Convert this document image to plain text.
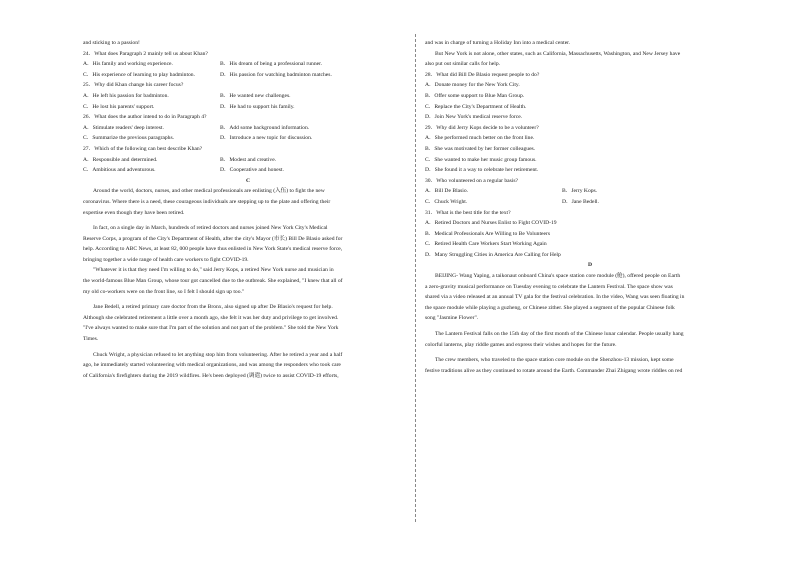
and sticking to a passion!
24．What does Paragraph 2 mainly tell us about Khan?
A．His family and working experience.	B．His dream of being a professional runner.
C．His experience of learning to play badminton.	D．His passion for watching badminton matches.
25．Why did Khan change his career focus?
A．He left his passion for badminton.	B．He wanted new challenges.
C．He lost his parents' support.	D．He had to support his family.
26．What does the author intend to do in Paragraph 4?
A．Stimulate readers' deep interest.	B．Add some background information.
C．Summarize the previous paragraphs.	D．Introduce a new topic for discussion.
27．Which of the following can best describe Khan?
A．Responsible and determined.	B．Modest and creative.
C．Ambitious and adventurous.	D．Cooperative and honest.
C
Around the world, doctors, nurses, and other medical professionals are enlisting (入伍) to fight the new
coronavirus. Where there is a need, these courageous individuals are stepping up to the plate and offering their
expertise even though they have been retired.
In fact, on a single day in March, hundreds of retired doctors and nurses joined New York City's Medical
Reserve Corps, a program of the City's Department of Health, after the city's Mayor (市长) Bill De Blasio asked for
help. According to ABC News, at least 82, 000 people have thus enlisted in New York State's medical reserve force,
bringing together a wide range of health care workers to fight COVID-19.
"Whatever it is that they need I'm willing to do," said Jerry Kops, a retired New York nurse and musician in
the world-famous Blue Man Group, whose tour got cancelled due to the outbreak. She explained, "I knew that all of
my old co-workers were on the front line, so I felt I should sign up too."
Jane Bedell, a retired primary care doctor from the Bronx, also signed up after De Blasio's request for help.
Although she celebrated retirement a little over a month ago, she felt it was her duty and privilege to get involved.
"I've always wanted to make sure that I'm part of the solution and not part of the problem." She told the New York
Times.
Chuck Wright, a physician refused to let anything stop him from volunteering. After he retired a year and a half
ago, he immediately started volunteering with medical organizations, and was among the responders who took care
of California's firefighters during the 2019 wildfires. He's been deployed (调遣) twice to assist COVID-19 efforts,
and was in charge of turning a Holiday Inn into a medical center.
But New York is not alone, other states, such as California, Massachusetts, Washington, and New Jersey have
also put out similar calls for help.
28．What did Bill De Blasio request people to do?
A．Donate money for the New York City.
B．Offer some support to Blue Man Group.
C．Replace the City's Department of Health.
D．Join New York's medical reserve force.
29．Why did Jerry Kops decide to be a volunteer?
A．She performed much better on the front line.
B．She was motivated by her former colleagues.
C．She wanted to make her music group famous.
D．She found it a way to celebrate her retirement.
30．Who volunteered on a regular basis?
A．Bill De Blasio.	B．Jerry Kops.
C．Chuck Wright.	D．Jane Bedell.
31．What is the best title for the text?
A．Retired Doctors and Nurses Enlist to Fight COVID-19
B．Medical Professionals Are Willing to Be Volunteers
C．Retired Health Care Workers Start Working Again
D．Many Struggling Cities in America Are Calling for Help
D
BEIJING- Wang Yaping, a taikonaut onboard China's space station core module (舱), offered people on Earth
a zero-gravity musical performance on Tuesday evening to celebrate the Lantern Festival. The space show was
shared via a video released at an annual TV gala for the festival celebration. In the video, Wang was seen floating in
the space module while playing a guzheng, or Chinese zither. She played a segment of the popular Chinese folk
song "Jasmine Flower".
The Lantern Festival falls on the 15th day of the first month of the Chinese lunar calendar. People usually hang
colorful lanterns, play riddle games and express their wishes and hopes for the future.
The crew members, who traveled to the space station core module on the Shenzhou-13 mission, kept some
festive traditions alive as they continued to rotate around the Earth. Commander Zhai Zhigang wrote riddles on red
